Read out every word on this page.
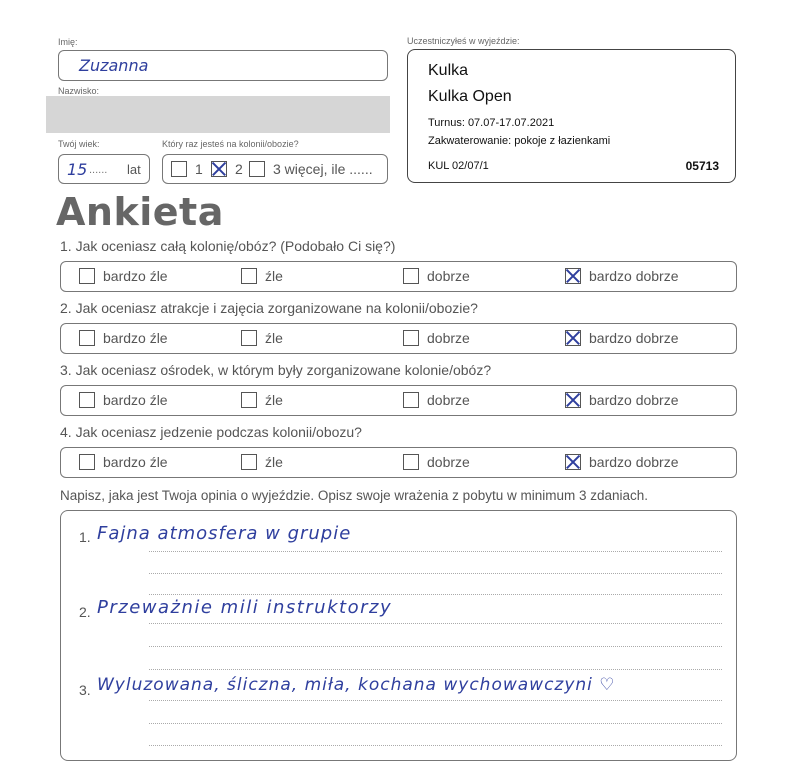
Imię:
Zuzanna
Nazwisko:
Twój wiek:	Który raz jesteś na kolonii/obozie?
15 ...... lat	1 2 3 więcej, ile ......
Uczestniczyłeś w wyjeździe:
Kulka
Kulka Open
Turnus: 07.07-17.07.2021
Zakwaterowanie: pokoje z łazienkami
KUL 02/07/1	05713
Ankieta
1. Jak oceniasz całą kolonię/obóz? (Podobało Ci się?)
bardzo źle	źle	dobrze	bardzo dobrze
2. Jak oceniasz atrakcje i zajęcia zorganizowane na kolonii/obozie?
bardzo źle	źle	dobrze	bardzo dobrze
3. Jak oceniasz ośrodek, w którym były zorganizowane kolonie/obóz?
bardzo źle	źle	dobrze	bardzo dobrze
4. Jak oceniasz jedzenie podczas kolonii/obozu?
bardzo źle	źle	dobrze	bardzo dobrze
Napisz, jaka jest Twoja opinia o wyjeździe. Opisz swoje wrażenia z pobytu w minimum 3 zdaniach.
1. Fajna atmosfera w grupie
2. Przeważnie mili instruktorzy
3. Wyluzowana, śliczna, miła, kochana wychowawczyni ♡
